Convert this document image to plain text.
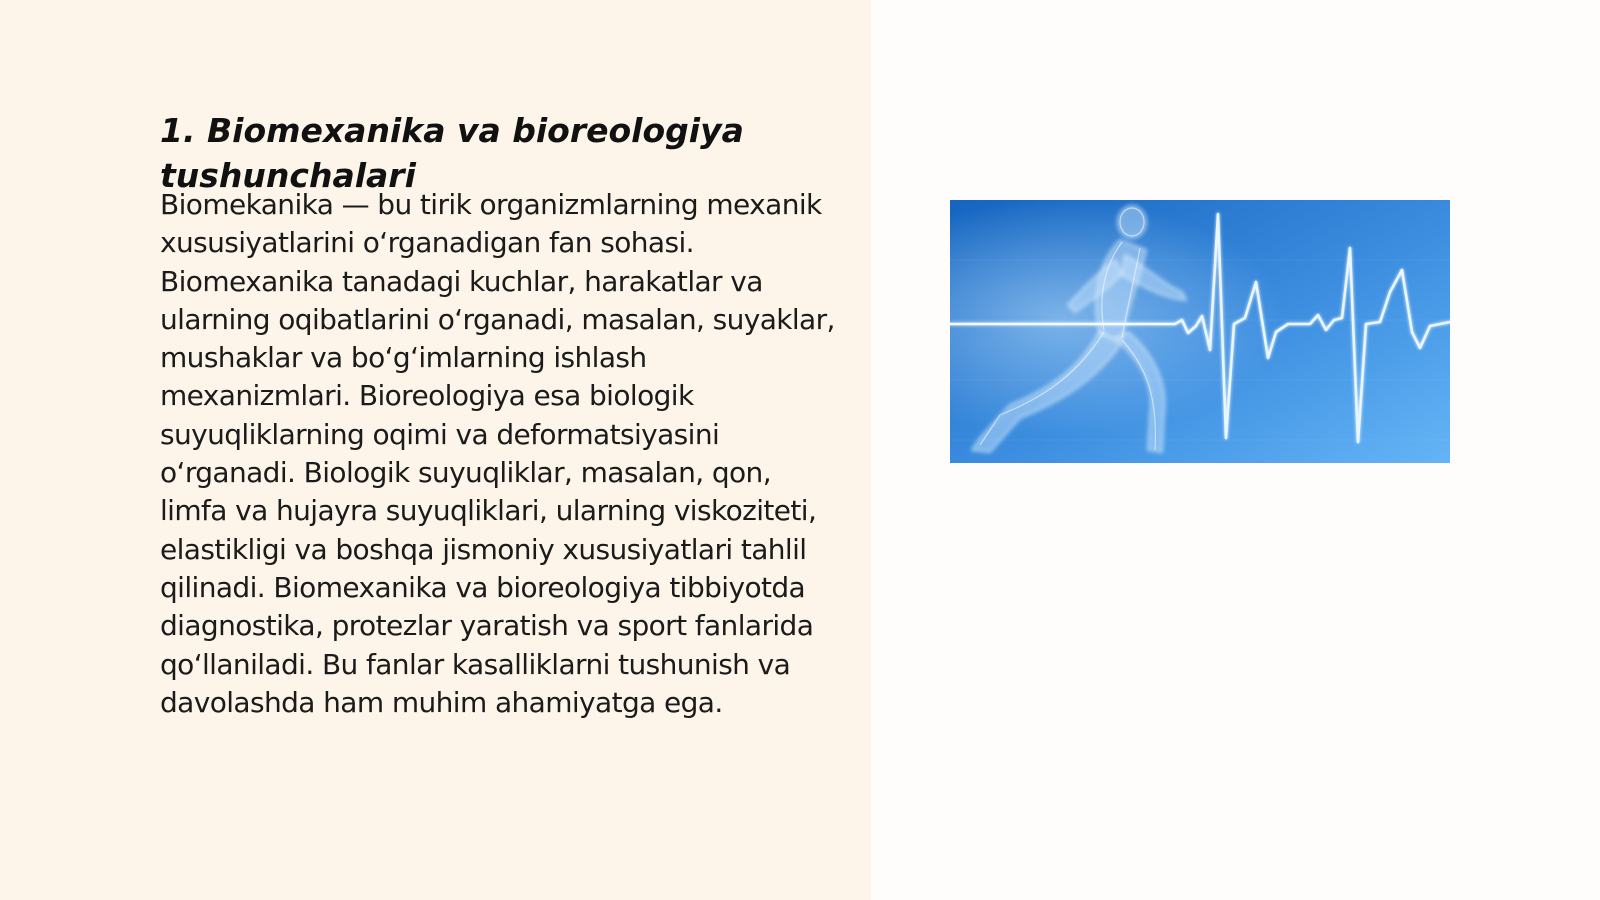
1. Biomexanika va bioreologiya tushunchalari

Biomekanika — bu tirik organizmlarning mexanik xususiyatlarini o‘rganadigan fan sohasi. Biomexanika tanadagi kuchlar, harakatlar va ularning oqibatlarini o‘rganadi, masalan, suyaklar, mushaklar va bo‘g‘imlarning ishlash mexanizmlari. Bioreologiya esa biologik suyuqliklarning oqimi va deformatsiyasini o‘rganadi. Biologik suyuqliklar, masalan, qon, limfa va hujayra suyuqliklari, ularning viskoziteti, elastikligi va boshqa jismoniy xususiyatlari tahlil qilinadi. Biomexanika va bioreologiya tibbiyotda diagnostika, protezlar yaratish va sport fanlarida qo‘llaniladi. Bu fanlar kasalliklarni tushunish va davolashda ham muhim ahamiyatga ega.
